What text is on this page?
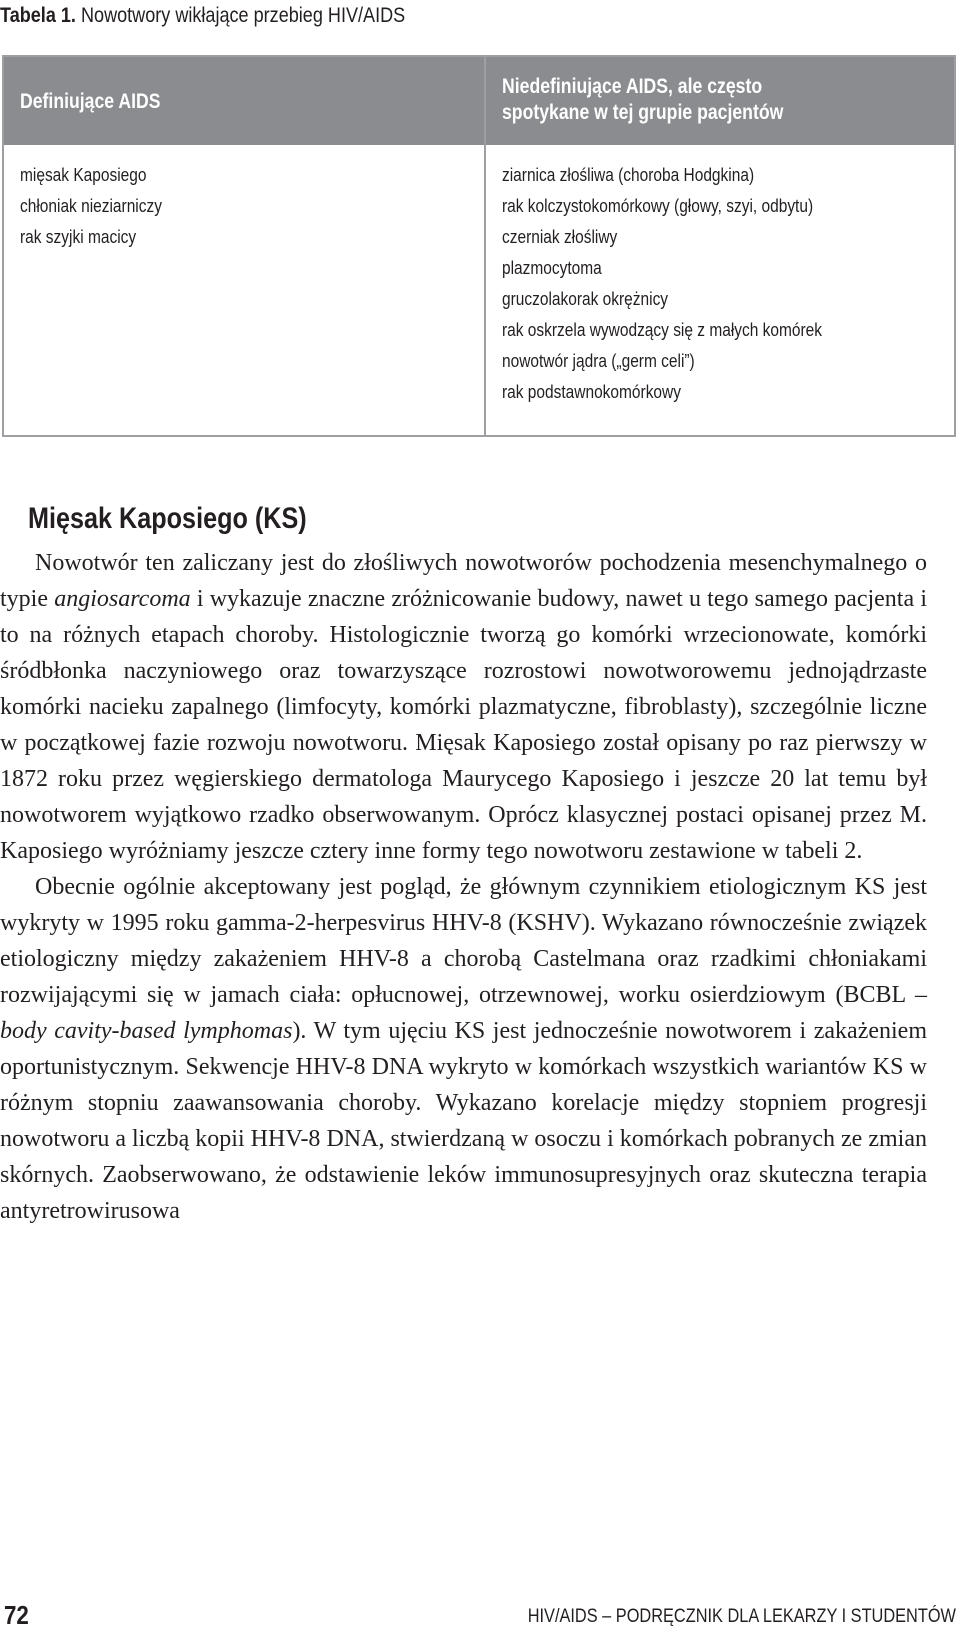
Tabela 1. Nowotwory wikłające przebieg HIV/AIDS
Definiujące AIDS
mięsak Kaposiego
chłoniak nieziarniczy
rak szyjki macicy
Niedefiniujące AIDS, ale często
spotykane w tej grupie pacjentów
ziarnica złośliwa (choroba Hodgkina)
rak kolczystokomórkowy (głowy, szyi, odbytu)
czerniak złośliwy
plazmocytoma
gruczolakorak okrężnicy
rak oskrzela wywodzący się z małych komórek
nowotwór jądra („germ celi”)
rak podstawnokomórkowy
Mięsak Kaposiego (KS)

Nowotwór ten zaliczany jest do złośliwych nowotworów pochodzenia mesenchymalnego o typie angiosarcoma i wykazuje znaczne zróżnicowanie budowy, nawet u tego samego pacjenta i to na różnych etapach choroby. Histologicznie tworzą go komórki wrzecionowate, komórki śródbłonka naczyniowego oraz towarzyszące rozrostowi nowotworowemu jednojądrzaste komórki nacieku zapalnego (limfocyty, komórki plazmatyczne, fibroblasty), szczególnie liczne w początkowej fazie rozwoju nowotworu. Mięsak Kaposiego został opisany po raz pierwszy w 1872 roku przez węgierskiego dermatologa Maurycego Kaposiego i jeszcze 20 lat temu był nowotworem wyjątkowo rzadko obserwowanym. Oprócz klasycznej postaci opisanej przez M. Kaposiego wyróżniamy jeszcze cztery inne formy tego nowotworu zestawione w tabeli 2.

Obecnie ogólnie akceptowany jest pogląd, że głównym czynnikiem etiologicznym KS jest wykryty w 1995 roku gamma-2-herpesvirus HHV-8 (KSHV). Wykazano równocześnie związek etiologiczny między zakażeniem HHV-8 a chorobą Castelmana oraz rzadkimi chłoniakami rozwijającymi się w jamach ciała: opłucnowej, otrzewnowej, worku osierdziowym (BCBL – body cavity-based lymphomas). W tym ujęciu KS jest jednocześnie nowotworem i zakażeniem oportunistycznym. Sekwencje HHV-8 DNA wykryto w komórkach wszystkich wariantów KS w różnym stopniu zaawansowania choroby. Wykazano korelacje między stopniem progresji nowotworu a liczbą kopii HHV-8 DNA, stwierdzaną w osoczu i komórkach pobranych ze zmian skórnych. Zaobserwowano, że odstawienie leków immunosupresyjnych oraz skuteczna terapia antyretrowirusowa

72	HIV/AIDS – PODRĘCZNIK DLA LEKARZY I STUDENTÓW
